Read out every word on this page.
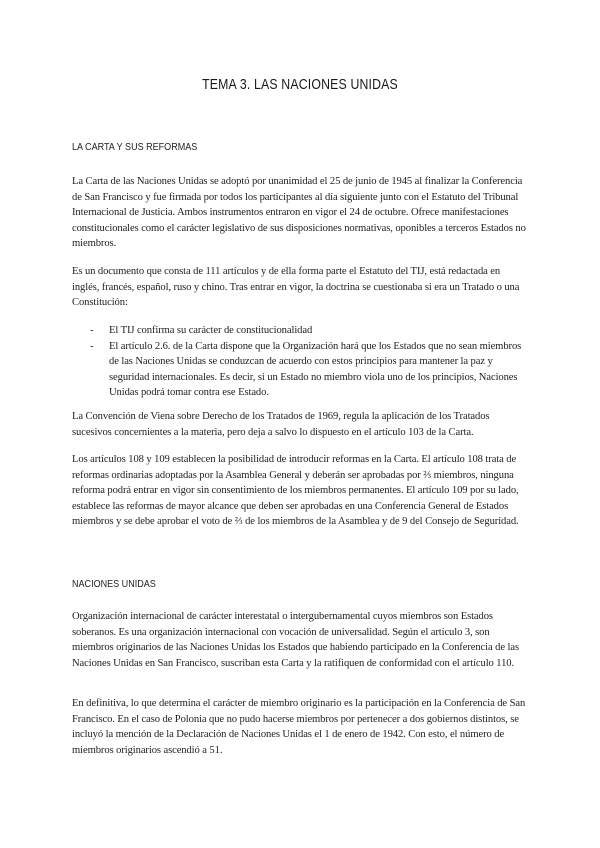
TEMA 3. LAS NACIONES UNIDAS
LA CARTA Y SUS REFORMAS

La Carta de las Naciones Unidas se adoptó por unanimidad el 25 de junio de 1945 al finalizar la Conferencia de San Francisco y fue firmada por todos los participantes al día siguiente junto con el Estatuto del Tribunal Internacional de Justicia. Ambos instrumentos entraron en vigor el 24 de octubre. Ofrece manifestaciones constitucionales como el carácter legislativo de sus disposiciones normativas, oponibles a terceros Estados no miembros.

Es un documento que consta de 111 artículos y de ella forma parte el Estatuto del TIJ, está redactada en inglés, francés, español, ruso y chino. Tras entrar en vigor, la doctrina se cuestionaba si era un Tratado o una Constitución:

- El TIJ confirma su carácter de constitucionalidad
- El artículo 2.6. de la Carta dispone que la Organización hará que los Estados que no sean miembros de las Naciones Unidas se conduzcan de acuerdo con estos principios para mantener la paz y seguridad internacionales. Es decir, si un Estado no miembro viola uno de los principios, Naciones Unidas podrá tomar contra ese Estado.

La Convención de Viena sobre Derecho de los Tratados de 1969, regula la aplicación de los Tratados sucesivos concernientes a la materia, pero deja a salvo lo dispuesto en el artículo 103 de la Carta.

Los artículos 108 y 109 establecen la posibilidad de introducir reformas en la Carta. El artículo 108 trata de reformas ordinarias adoptadas por la Asamblea General y deberán ser aprobadas por ⅔ miembros, ninguna reforma podrá entrar en vigor sin consentimiento de los miembros permanentes. El artículo 109 por su lado, establece las reformas de mayor alcance que deben ser aprobadas en una Conferencia General de Estados miembros y se debe aprobar el voto de ⅔ de los miembros de la Asamblea y de 9 del Consejo de Seguridad.

NACIONES UNIDAS

Organización internacional de carácter interestatal o intergubernamental cuyos miembros son Estados soberanos. Es una organización internacional con vocación de universalidad. Según el artículo 3, son miembros originarios de las Naciones Unidas los Estados que habiendo participado en la Conferencia de las Naciones Unidas en San Francisco, suscriban esta Carta y la ratifiquen de conformidad con el artículo 110.

En definitiva, lo que determina el carácter de miembro originario es la participación en la Conferencia de San Francisco. En el caso de Polonia que no pudo hacerse miembros por pertenecer a dos gobiernos distintos, se incluyó la mención de la Declaración de Naciones Unidas el 1 de enero de 1942. Con esto, el número de miembros originarios ascendió a 51.
